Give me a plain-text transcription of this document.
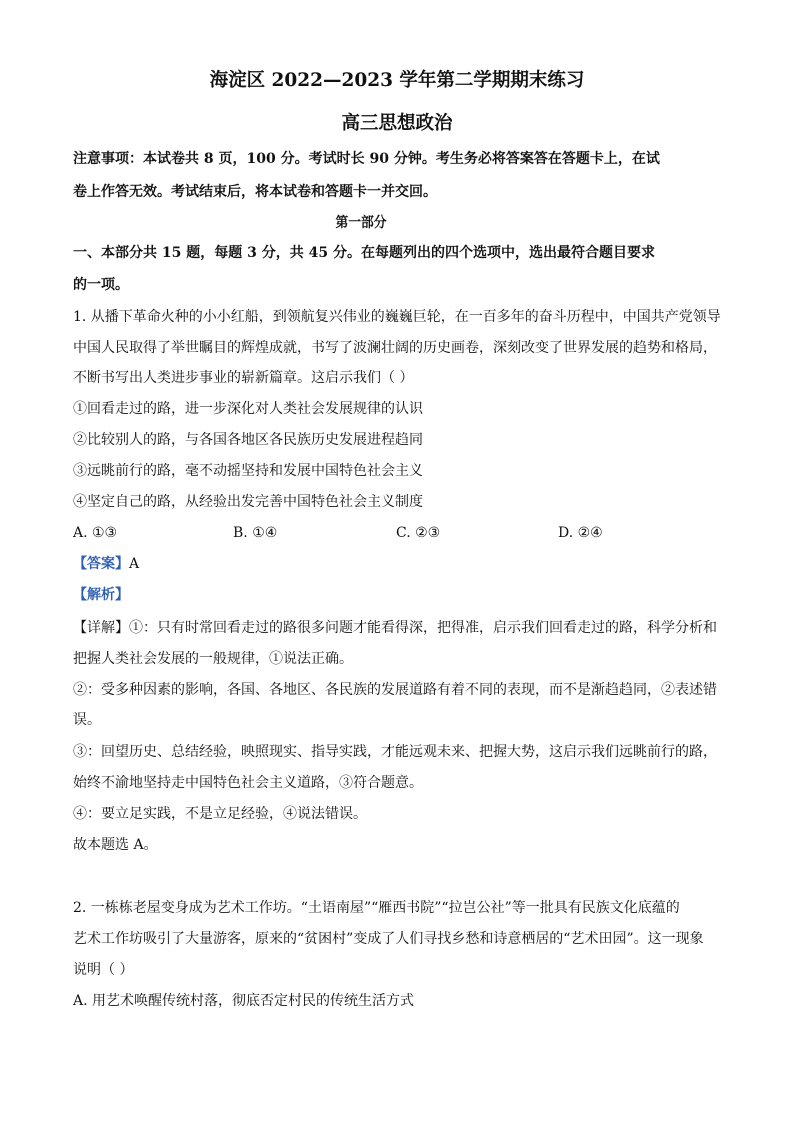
海淀区 2022—2023 学年第二学期期末练习
高三思想政治
注意事项：本试卷共 8 页，100 分。考试时长 90 分钟。考生务必将答案答在答题卡上，在试
卷上作答无效。考试结束后，将本试卷和答题卡一并交回。
第一部分
一、本部分共 15 题，每题 3 分，共 45 分。在每题列出的四个选项中，选出最符合题目要求
的一项。
1. 从播下革命火种的小小红船，到领航复兴伟业的巍巍巨轮，在一百多年的奋斗历程中，中国共产党领导
中国人民取得了举世瞩目的辉煌成就，书写了波澜壮阔的历史画卷，深刻改变了世界发展的趋势和格局，
不断书写出人类进步事业的崭新篇章。这启示我们（ ）
①回看走过的路，进一步深化对人类社会发展规律的认识
②比较别人的路，与各国各地区各民族历史发展进程趋同
③远眺前行的路，毫不动摇坚持和发展中国特色社会主义
④坚定自己的路，从经验出发完善中国特色社会主义制度
A. ①③	B. ①④	C. ②③	D. ②④
【答案】A
【解析】
【详解】①：只有时常回看走过的路很多问题才能看得深，把得准，启示我们回看走过的路，科学分析和
把握人类社会发展的一般规律，①说法正确。
②：受多种因素的影响，各国、各地区、各民族的发展道路有着不同的表现，而不是渐趋趋同，②表述错
误。
③：回望历史、总结经验，映照现实、指导实践，才能远观未来、把握大势，这启示我们远眺前行的路，
始终不渝地坚持走中国特色社会主义道路，③符合题意。
④：要立足实践，不是立足经验，④说法错误。
故本题选 A。
2. 一栋栋老屋变身成为艺术工作坊。“土语南屋”“雁西书院”“拉岂公社”等一批具有民族文化底蕴的
艺术工作坊吸引了大量游客，原来的“贫困村”变成了人们寻找乡愁和诗意栖居的“艺术田园”。这一现象
说明（ ）
A. 用艺术唤醒传统村落，彻底否定村民的传统生活方式
